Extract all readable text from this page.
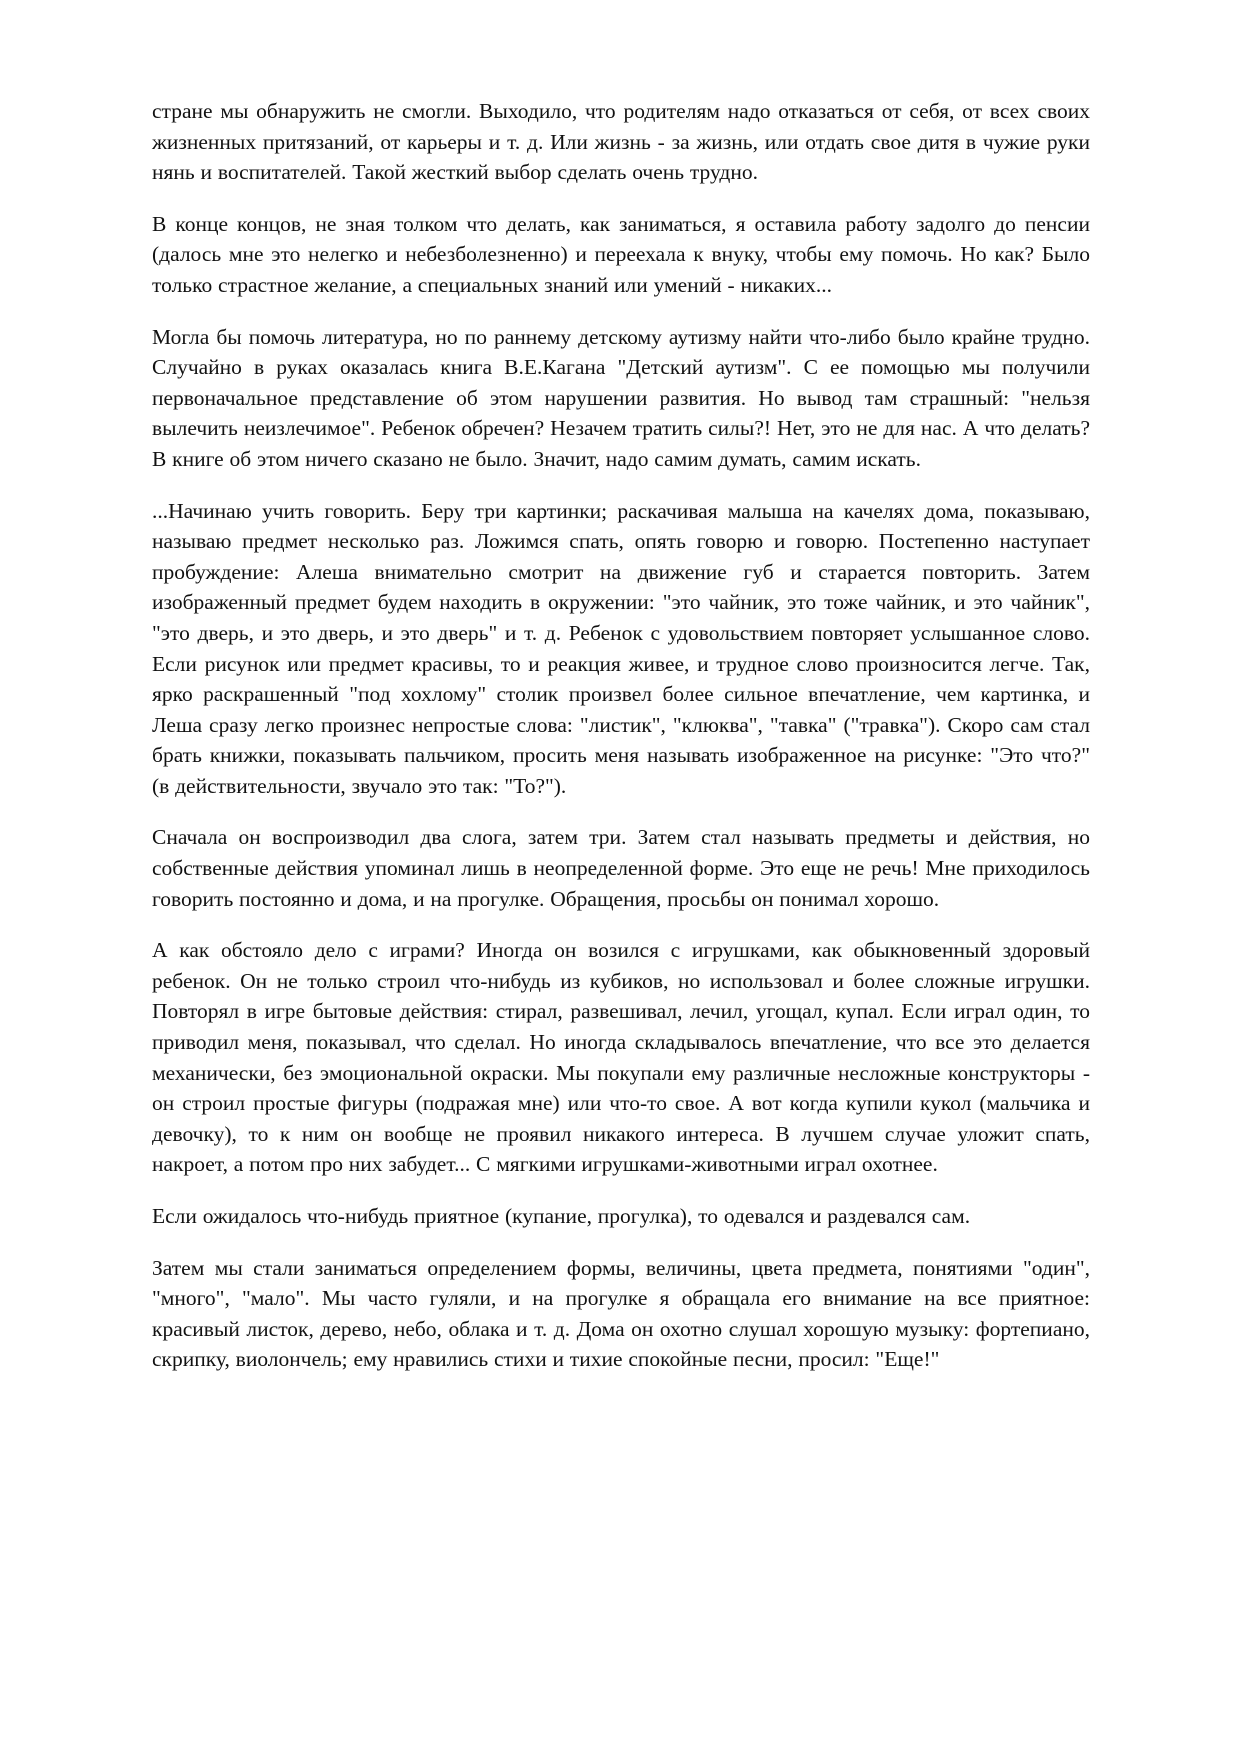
стране мы обнаружить не смогли. Выходило, что родителям надо отказаться от себя, от всех своих жизненных притязаний, от карьеры и т. д. Или жизнь - за жизнь, или отдать свое дитя в чужие руки нянь и воспитателей. Такой жесткий выбор сделать очень трудно.

В конце концов, не зная толком что делать, как заниматься, я оставила работу задолго до пенсии (далось мне это нелегко и небезболезненно) и переехала к внуку, чтобы ему помочь. Но как? Было только страстное желание, а специальных знаний или умений - никаких...

Могла бы помочь литература, но по раннему детскому аутизму найти что-либо было крайне трудно. Случайно в руках оказалась книга В.Е.Кагана "Детский аутизм". С ее помощью мы получили первоначальное представление об этом нарушении развития. Но вывод там страшный: "нельзя вылечить неизлечимое". Ребенок обречен? Незачем тратить силы?! Нет, это не для нас. А что делать? В книге об этом ничего сказано не было. Значит, надо самим думать, самим искать.

...Начинаю учить говорить. Беру три картинки; раскачивая малыша на качелях дома, показываю, называю предмет несколько раз. Ложимся спать, опять говорю и говорю. Постепенно наступает пробуждение: Алеша внимательно смотрит на движение губ и старается повторить. Затем изображенный предмет будем находить в окружении: "это чайник, это тоже чайник, и это чайник", "это дверь, и это дверь, и это дверь" и т. д. Ребенок с удовольствием повторяет услышанное слово. Если рисунок или предмет красивы, то и реакция живее, и трудное слово произносится легче. Так, ярко раскрашенный "под хохлому" столик произвел более сильное впечатление, чем картинка, и Леша сразу легко произнес непростые слова: "листик", "клюква", "тавка" ("травка"). Скоро сам стал брать книжки, показывать пальчиком, просить меня называть изображенное на рисунке: "Это что?" (в действительности, звучало это так: "То?").

Сначала он воспроизводил два слога, затем три. Затем стал называть предметы и действия, но собственные действия упоминал лишь в неопределенной форме. Это еще не речь! Мне приходилось говорить постоянно и дома, и на прогулке. Обращения, просьбы он понимал хорошо.

А как обстояло дело с играми? Иногда он возился с игрушками, как обыкновенный здоровый ребенок. Он не только строил что-нибудь из кубиков, но использовал и более сложные игрушки. Повторял в игре бытовые действия: стирал, развешивал, лечил, угощал, купал. Если играл один, то приводил меня, показывал, что сделал. Но иногда складывалось впечатление, что все это делается механически, без эмоциональной окраски. Мы покупали ему различные несложные конструкторы - он строил простые фигуры (подражая мне) или что-то свое. А вот когда купили кукол (мальчика и девочку), то к ним он вообще не проявил никакого интереса. В лучшем случае уложит спать, накроет, а потом про них забудет... С мягкими игрушками-животными играл охотнее.

Если ожидалось что-нибудь приятное (купание, прогулка), то одевался и раздевался сам.

Затем мы стали заниматься определением формы, величины, цвета предмета, понятиями "один", "много", "мало". Мы часто гуляли, и на прогулке я обращала его внимание на все приятное: красивый листок, дерево, небо, облака и т. д. Дома он охотно слушал хорошую музыку: фортепиано, скрипку, виолончель; ему нравились стихи и тихие спокойные песни, просил: "Еще!"
